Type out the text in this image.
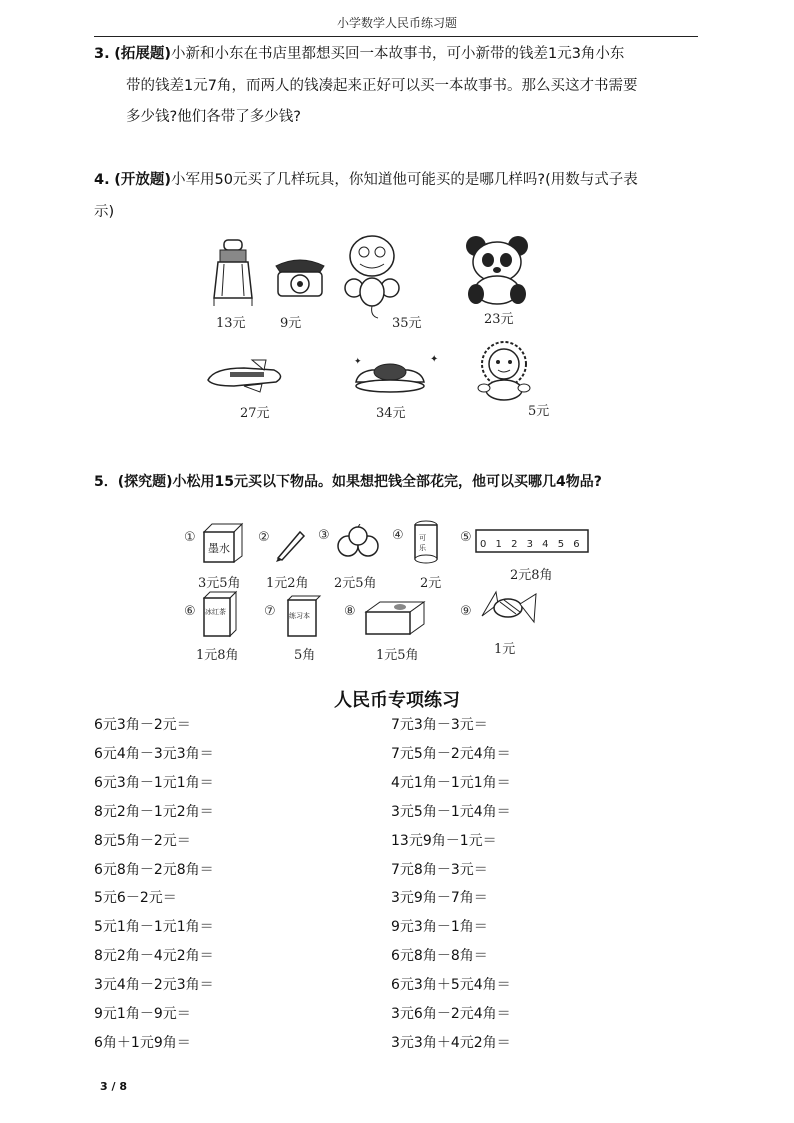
小学数学人民币练习题
3. (拓展题)小新和小东在书店里都想买回一本故事书，可小新带的钱差1元3角小东
带的钱差1元7角，而两人的钱凑起来正好可以买一本故事书。那么买这才书需要
多少钱?他们各带了多少钱?
4. (开放题)小军用50元买了几样玩具，你知道他可能买的是哪几样吗?(用数与式子表
示)
13元	9元	35元	23元
27元
✦
✦
34元	5元
5．(探究题)小松用15元买以下物品。如果想把钱全部花完，他可以买哪几4物品?
①
墨水
3元5角
②
1元2角
③
2元5角
④ 可
乐
2元
⑤ 0 1 2 3 4 5 6
2元8角
⑥ 冰红茶
1元8角
⑦ 练习本
5角
⑧
1元5角
⑨
1元
人民币专项练习
6元3角－2元＝
6元4角－3元3角＝
6元3角－1元1角＝
8元2角－1元2角＝
8元5角－2元＝
6元8角－2元8角＝
5元6－2元＝
5元1角－1元1角＝
8元2角－4元2角＝
3元4角－2元3角＝
9元1角－9元＝
6角＋1元9角＝
7元3角－3元＝
7元5角－2元4角＝
4元1角－1元1角＝
3元5角－1元4角＝
13元9角－1元＝
7元8角－3元＝
3元9角－7角＝
9元3角－1角＝
6元8角－8角＝
6元3角＋5元4角＝
3元6角－2元4角＝
3元3角＋4元2角＝
3 / 8
